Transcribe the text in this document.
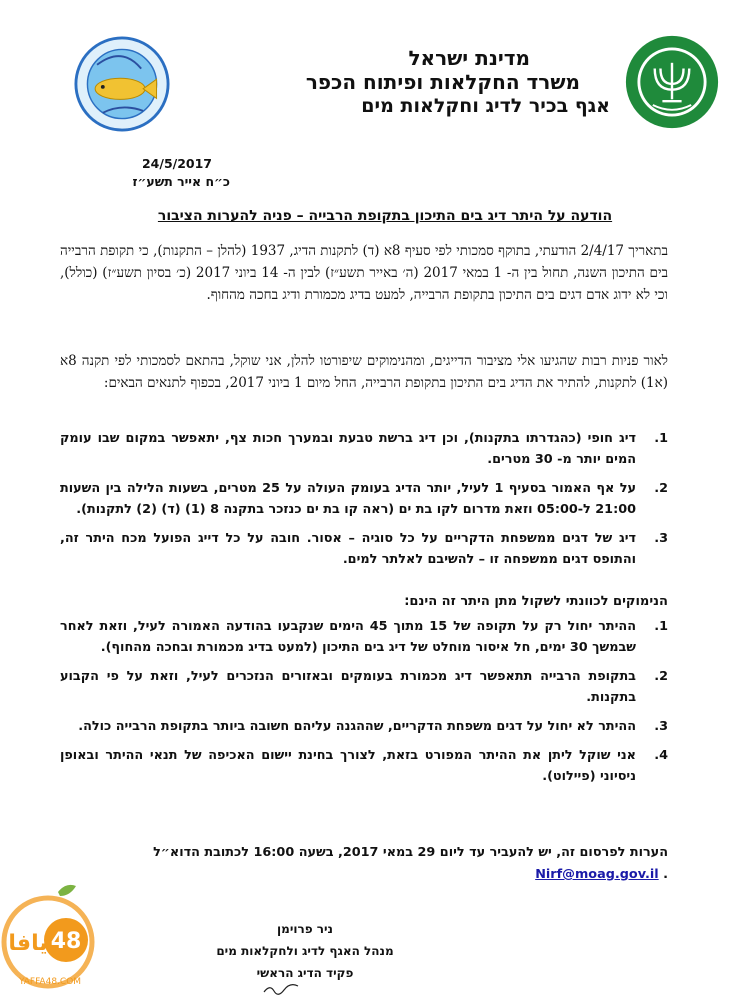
מדינת ישראל
משרד החקלאות ופיתוח הכפר
אגף בכיר לדיג וחקלאות מים
24/5/2017
כ״ח אייר תשע״ז
הודעה על היתר דיג בים התיכון בתקופת הרבייה – פניה להערות הציבור
בתאריך 2/4/17 הודעתי, בתוקף סמכותי לפי סעיף 8א (ד) לתקנות הדיג, 1937 (להלן – התקנות), כי תקופת הרבייה בים התיכון השנה, תחול בין ה- 1 במאי 2017 (ה׳ באייר תשע״ז) לבין ה- 14 ביוני 2017 (כ׳ בסיון תשע״ז) (כולל), וכי לא ידוג אדם דגים בים התיכון בתקופת הרבייה, למעט בדיג מכמורת ודיג בחכה מהחוף.
לאור פניות רבות שהגיעו אלי מציבור הדייגים, ומהנימוקים שיפורטו להלן, אני שוקל, בהתאם לסמכותי לפי תקנה 8א (א1) לתקנות, להתיר את הדיג בים התיכון בתקופת הרבייה, החל מיום 1 ביוני 2017, בכפוף לתנאים הבאים:
1.
דיג חופי (כהגדרתו בתקנות), וכן דיג ברשת טבעת ובמערך חכות צף, יתאפשר במקום שבו עומק המים יותר מ- 30 מטרים.
2.
על אף האמור בסעיף 1 לעיל, יותר הדיג בעומק העולה על 25 מטרים, בשעות הלילה בין השעות 21:00 ל-05:00 וזאת מדרום לקו בת ים (ראה קו בת ים כנזכר בתקנה 8 (1) (ד) (2) לתקנות).
3.
דיג של דגים ממשפחת הדקריים על כל סוגיה – אסור. חובה על כל דייג הפועל מכח היתר זה, והתופס דגים ממשפחה זו – להשיבם לאלתר למים.
הנימוקים לכוונתי לשקול מתן היתר זה הינם:
1.
ההיתר יחול רק על תקופה של 15 מתוך 45 הימים שנקבעו בהודעה האמורה לעיל, וזאת לאחר שבמשך 30 ימים, חל איסור מוחלט של דיג בים התיכון (למעט בדיג מכמורת ובחכה מהחוף).
2.
בתקופת הרבייה תתאפשר דיג מכמורת בעומקים ובאזורים הנזכרים לעיל, וזאת על פי הקבוע בתקנות.
3.
ההיתר לא יחול על דגים משפחת הדקריים, שההגנה עליהם חשובה ביותר בתקופת הרבייה כולה.
4.
אני שוקל ליתן את ההיתר המפורט בזאת, לצורך בחינת יישום האכיפה של תנאי ההיתר ובאופן ניסיוני (פיילוט).
הערות לפרסום זה, יש להעביר עד ליום 29 במאי 2017, בשעה 16:00 לכתובת הדוא״ל
. Nirf@moag.gov.il
ניר פרוימן
מנהל האגף לדיג ולחקלאות מים
פקיד הדיג הראשי
48
يافا
YAFFA48.COM
